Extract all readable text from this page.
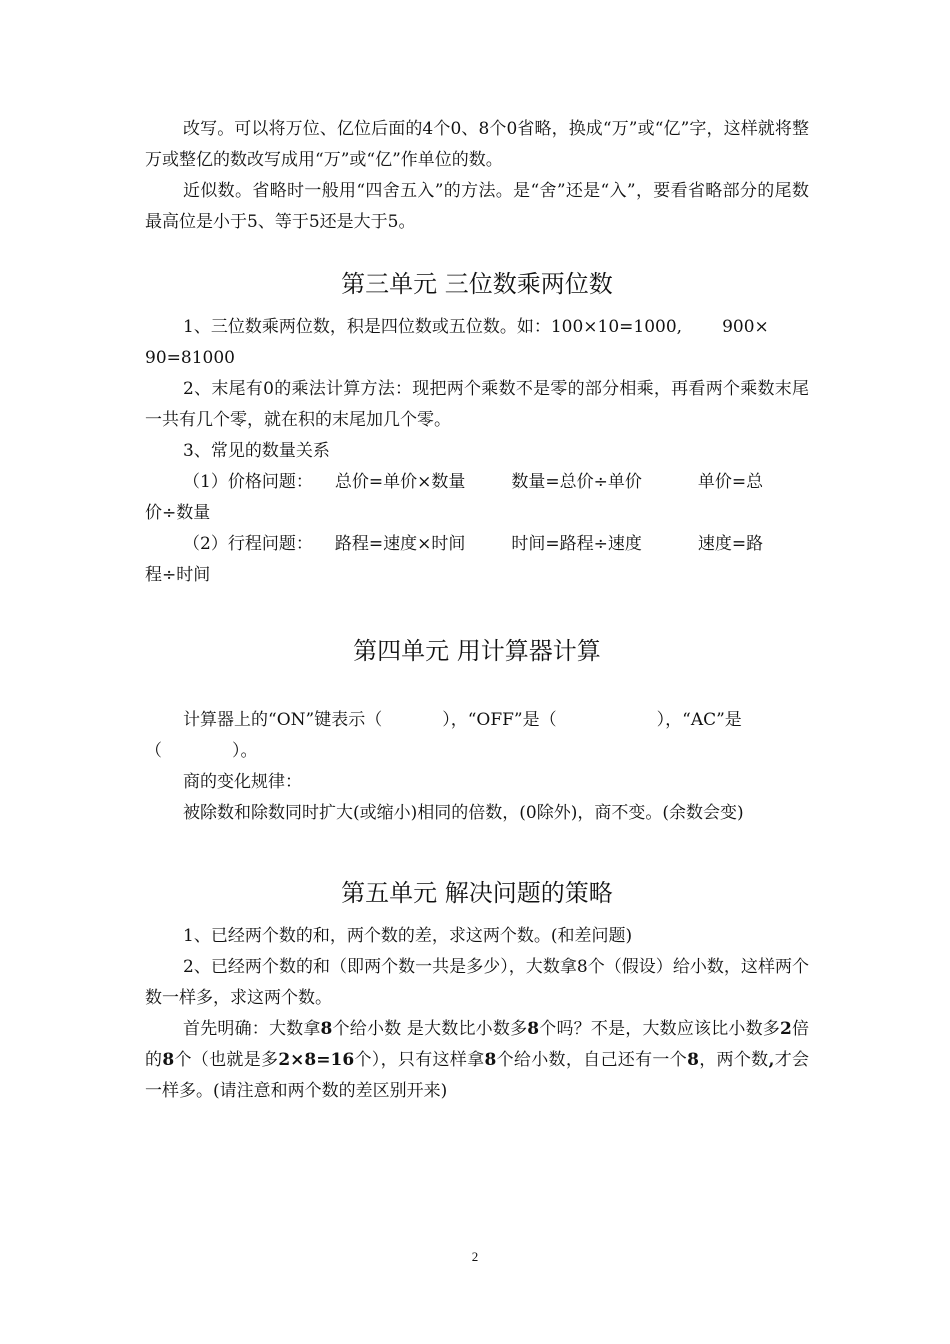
改写。可以将万位、亿位后面的4个0、8个0省略，换成“万”或“亿”字，这样就将整万或整亿的数改写成用“万”或“亿”作单位的数。

近似数。省略时一般用“四舍五入”的方法。是“舍”还是“入”，要看省略部分的尾数最高位是小于5、等于5还是大于5。

第三单元 三位数乘两位数

1、三位数乘两位数，积是四位数或五位数。如：100×10=1000, 900×

90=81000

2、末尾有0的乘法计算方法：现把两个乘数不是零的部分相乘，再看两个乘数末尾一共有几个零，就在积的末尾加几个零。

3、常见的数量关系

（1）价格问题： 总价=单价×数量	数量=总价÷单价	单价=总

价÷数量

（2）行程问题： 路程=速度×时间	时间=路程÷速度	速度=路

程÷时间

第四单元 用计算器计算

计算器上的“ON”键表示（	），“OFF”是（	），“AC”是

（	）。

商的变化规律：

被除数和除数同时扩大(或缩小)相同的倍数，(0除外)，商不变。(余数会变)

第五单元 解决问题的策略

1、已经两个数的和，两个数的差，求这两个数。(和差问题)

2、已经两个数的和（即两个数一共是多少），大数拿8个（假设）给小数，这样两个数一样多，求这两个数。

首先明确：大数拿8个给小数 是大数比小数多8个吗？不是，大数应该比小数多2倍的8个（也就是多2×8=16个），只有这样拿8个给小数，自己还有一个8，两个数,才会一样多。(请注意和两个数的差区别开来)

2
